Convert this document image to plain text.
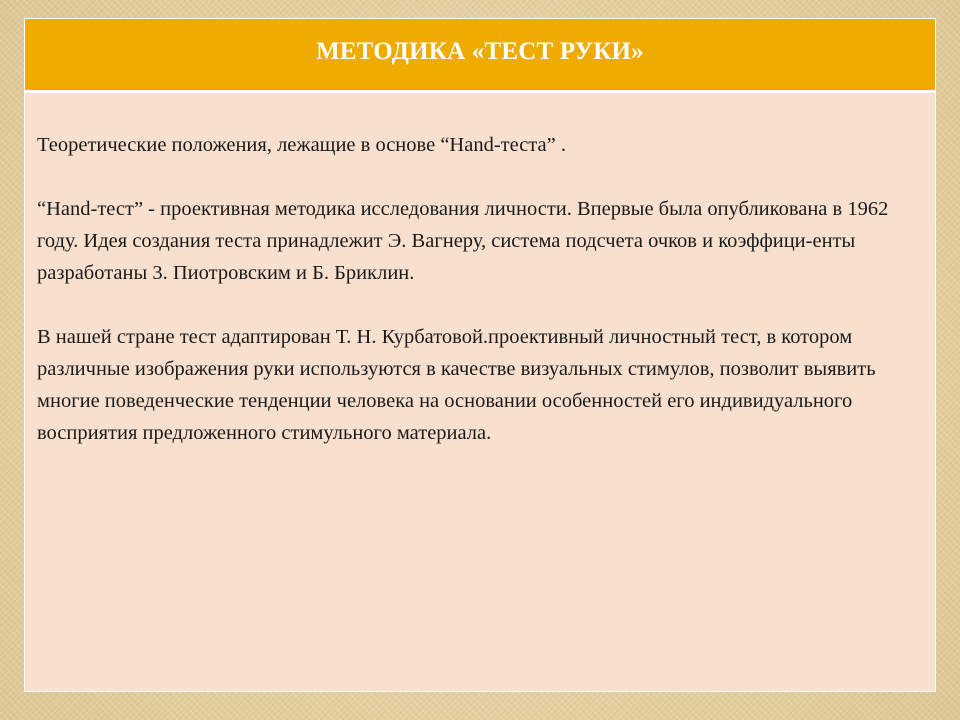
МЕТОДИКА «ТЕСТ РУКИ»

Теоретические положения, лежащие в основе “Hand-теста” .

“Hand-тест” - проективная методика исследования личности. Впервые была опубликована в 1962 году. Идея создания теста принадлежит Э. Вагнеру, система подсчета очков и коэффици-енты разработаны 3. Пиотровским и Б. Бриклин.

В нашей стране тест адаптирован Т. Н. Курбатовой.проективный личностный тест, в котором различные изображения руки используются в качестве визуальных стимулов, позволит выявить многие поведенческие тенденции человека на основании особенностей его индивидуального восприятия предложенного стимульного материала.
